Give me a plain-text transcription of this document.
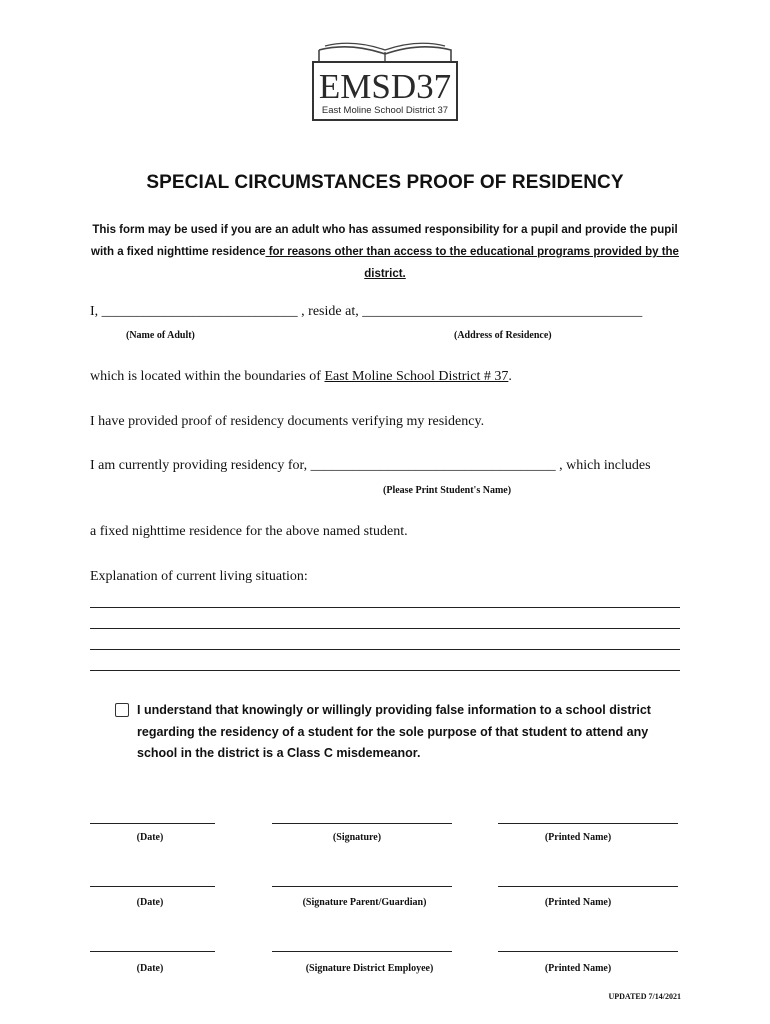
EMSD37
East Moline School District 37
SPECIAL CIRCUMSTANCES PROOF OF RESIDENCY
This form may be used if you are an adult who has assumed responsibility for a pupil and provide the pupil with a fixed nighttime residence for reasons other than access to the educational programs provided by the district.
I, ____________________________ , reside at, ________________________________________
(Name of Adult)	(Address of Residence)
which is located within the boundaries of East Moline School District # 37.
I have provided proof of residency documents verifying my residency.
I am currently providing residency for, ___________________________________ , which includes
(Please Print Student's Name)
a fixed nighttime residence for the above named student.
Explanation of current living situation:
I understand that knowingly or willingly providing false information to a school district regarding the residency of a student for the sole purpose of that student to attend any school in the district is a Class C misdemeanor.
(Date)	(Signature)	(Printed Name)
(Date)	(Signature Parent/Guardian)	(Printed Name)
(Date)	(Signature District Employee)	(Printed Name)
UPDATED 7/14/2021
